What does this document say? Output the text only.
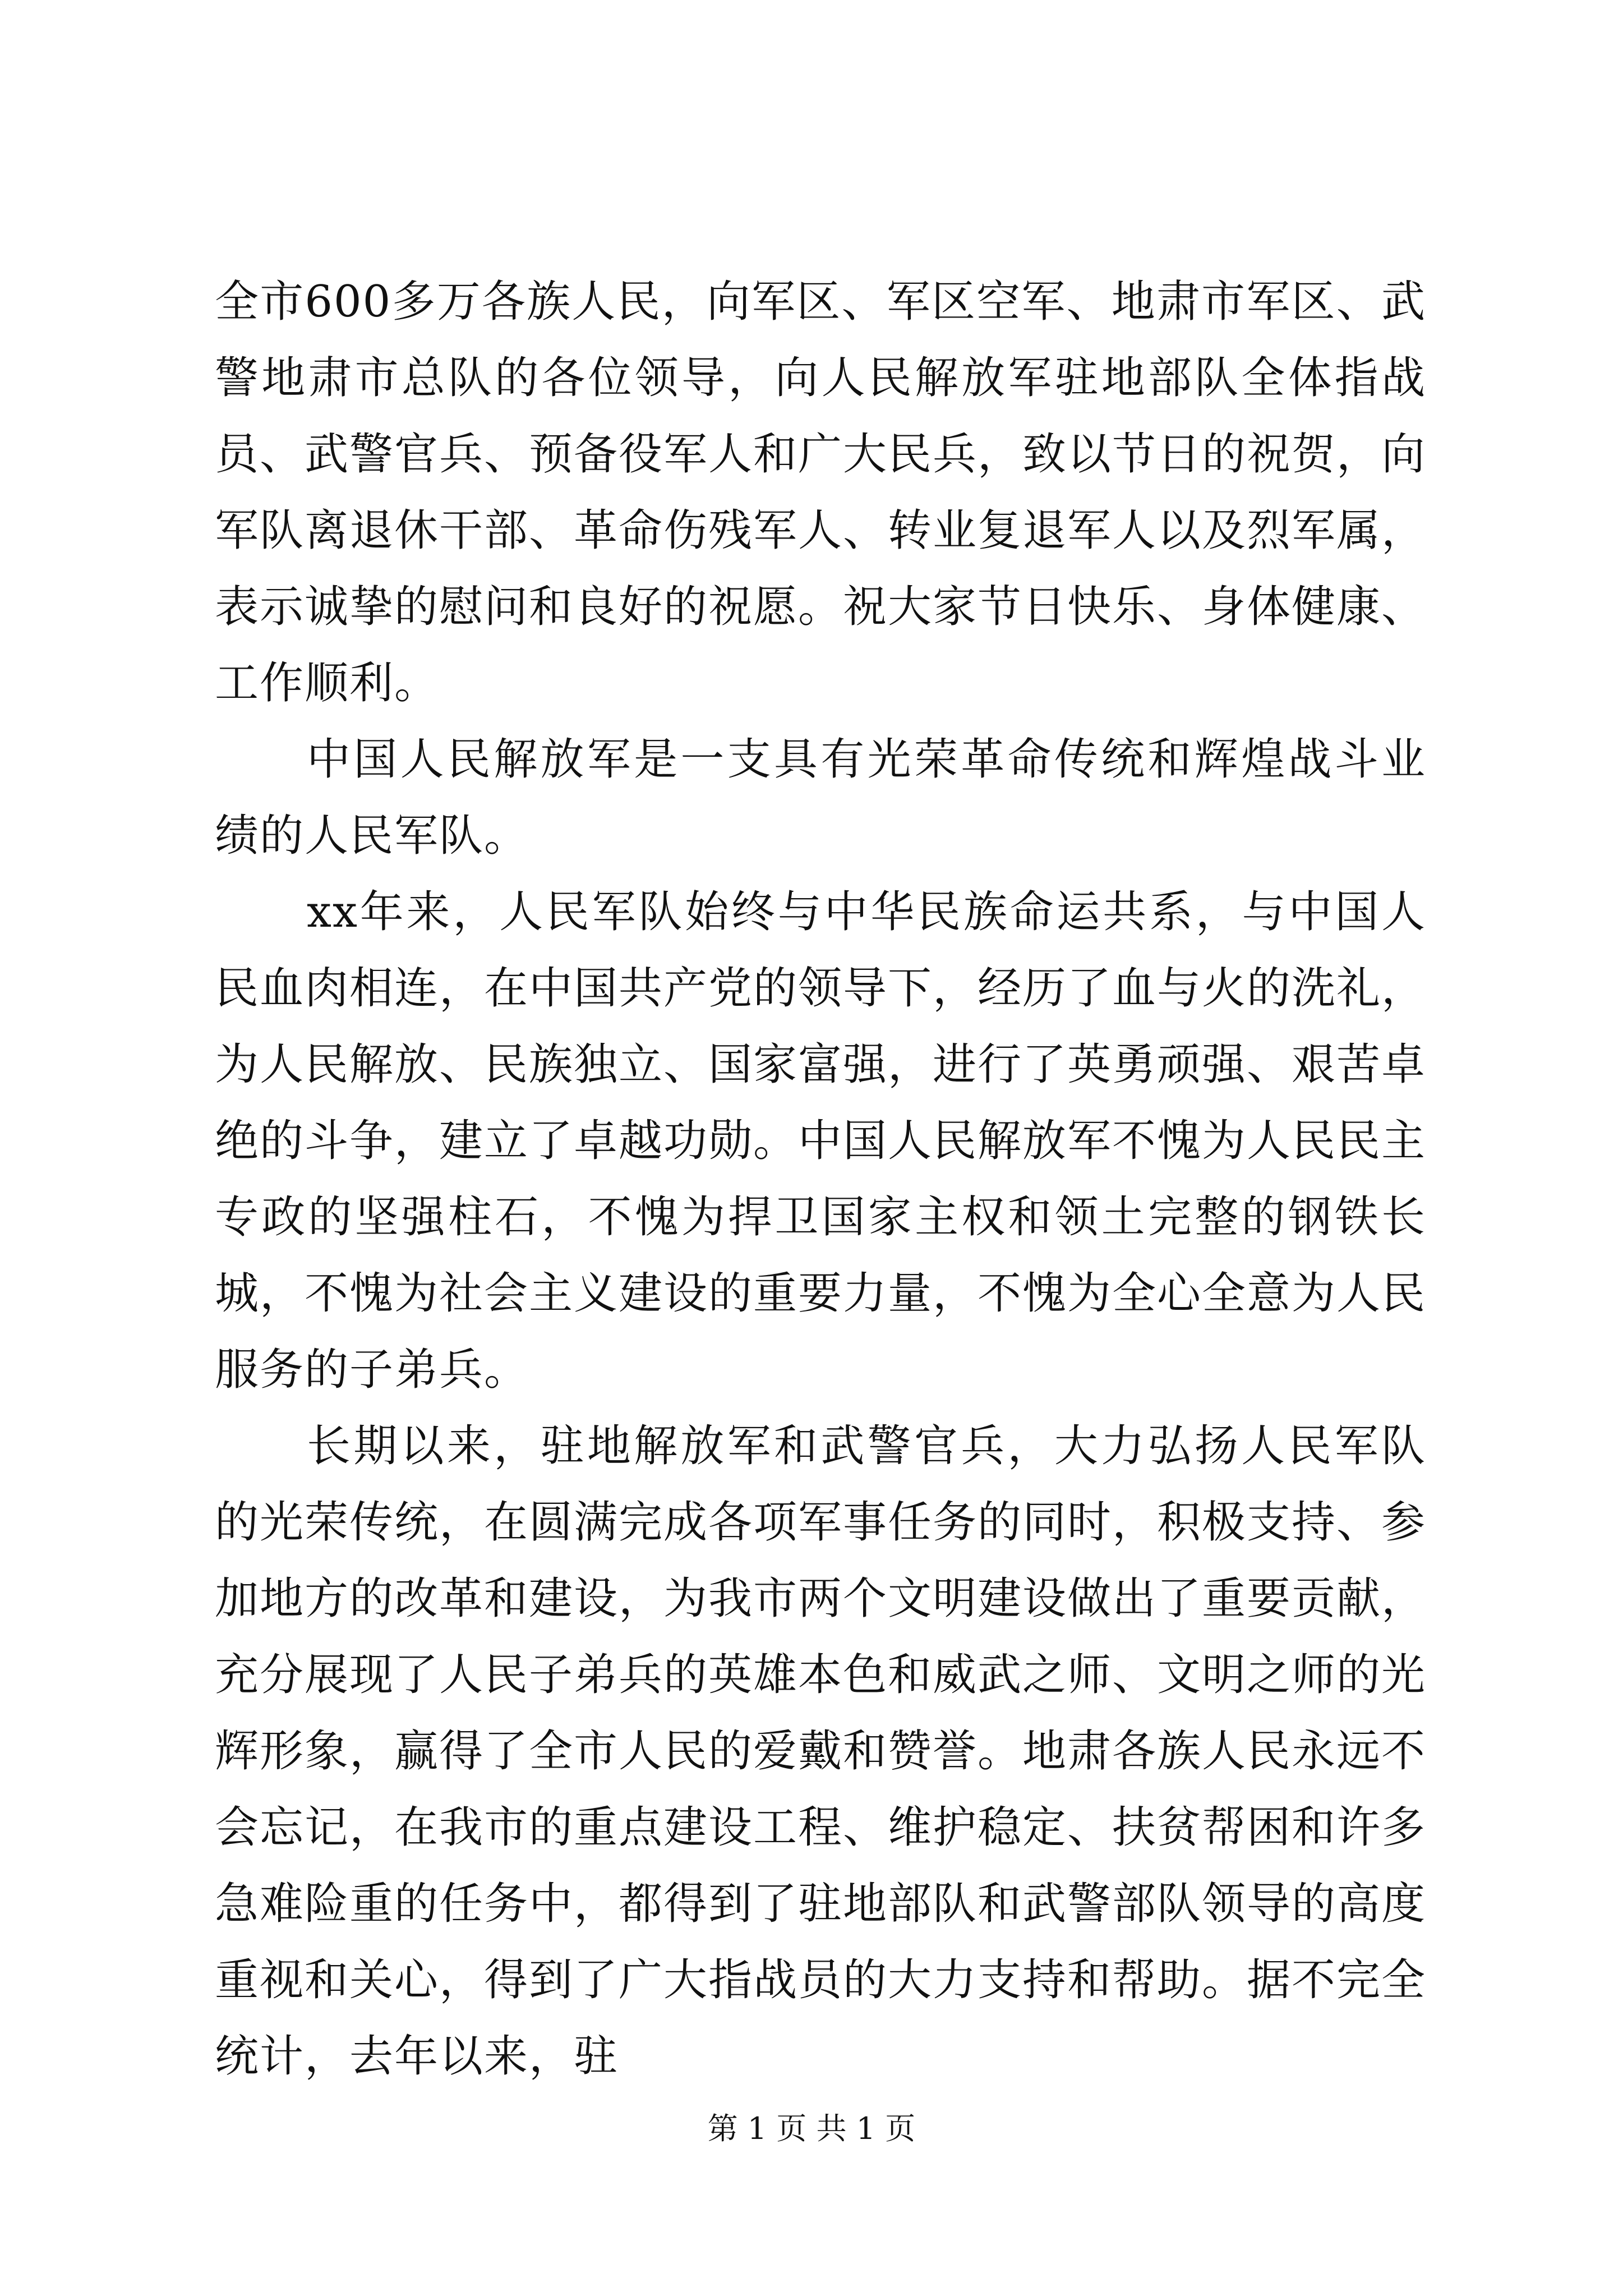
全市600多万各族人民，向军区、军区空军、地肃市军区、武警地肃市总队的各位领导，向人民解放军驻地部队全体指战员、武警官兵、预备役军人和广大民兵，致以节日的祝贺，向军队离退休干部、革命伤残军人、转业复退军人以及烈军属，表示诚挚的慰问和良好的祝愿。祝大家节日快乐、身体健康、工作顺利。

中国人民解放军是一支具有光荣革命传统和辉煌战斗业绩的人民军队。

xx年来，人民军队始终与中华民族命运共系，与中国人民血肉相连，在中国共产党的领导下，经历了血与火的洗礼，为人民解放、民族独立、国家富强，进行了英勇顽强、艰苦卓绝的斗争，建立了卓越功勋。中国人民解放军不愧为人民民主专政的坚强柱石，不愧为捍卫国家主权和领土完整的钢铁长城，不愧为社会主义建设的重要力量，不愧为全心全意为人民服务的子弟兵。

长期以来，驻地解放军和武警官兵，大力弘扬人民军队的光荣传统，在圆满完成各项军事任务的同时，积极支持、参加地方的改革和建设，为我市两个文明建设做出了重要贡献，充分展现了人民子弟兵的英雄本色和威武之师、文明之师的光辉形象，赢得了全市人民的爱戴和赞誉。地肃各族人民永远不会忘记，在我市的重点建设工程、维护稳定、扶贫帮困和许多急难险重的任务中，都得到了驻地部队和武警部队领导的高度重视和关心，得到了广大指战员的大力支持和帮助。据不完全统计，去年以来，驻

第 1 页 共 1 页
